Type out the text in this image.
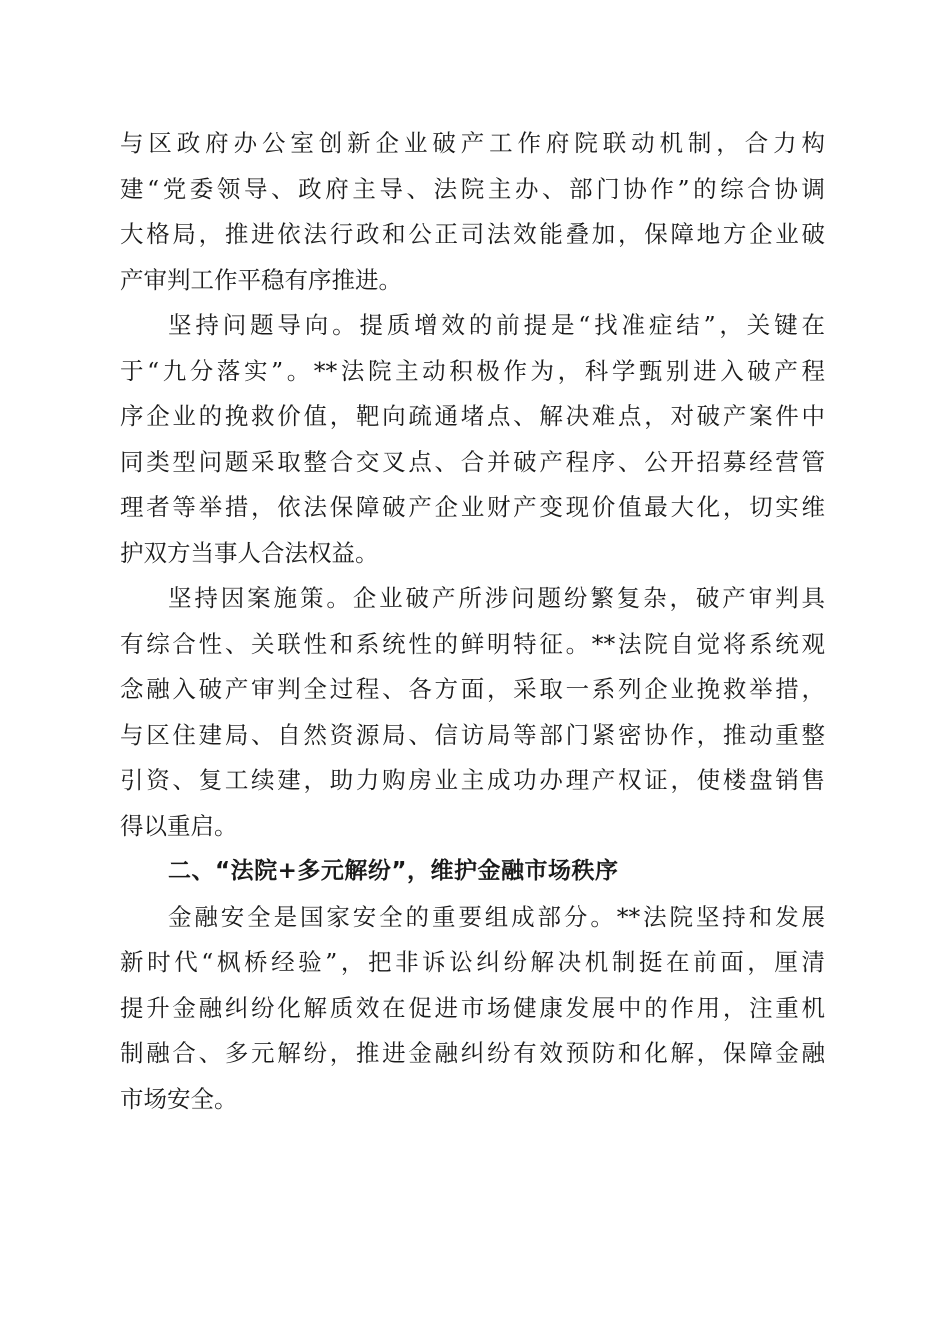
与区政府办公室创新企业破产工作府院联动机制，合力构
建“党委领导、政府主导、法院主办、部门协作”的综合协调
大格局，推进依法行政和公正司法效能叠加，保障地方企业破
产审判工作平稳有序推进。
坚持问题导向。提质增效的前提是“找准症结”，关键在
于“九分落实”。**法院主动积极作为，科学甄别进入破产程
序企业的挽救价值，靶向疏通堵点、解决难点，对破产案件中
同类型问题采取整合交叉点、合并破产程序、公开招募经营管
理者等举措，依法保障破产企业财产变现价值最大化，切实维
护双方当事人合法权益。
坚持因案施策。企业破产所涉问题纷繁复杂，破产审判具
有综合性、关联性和系统性的鲜明特征。**法院自觉将系统观
念融入破产审判全过程、各方面，采取一系列企业挽救举措，
与区住建局、自然资源局、信访局等部门紧密协作，推动重整
引资、复工续建，助力购房业主成功办理产权证，使楼盘销售
得以重启。
二、“法院+多元解纷”，维护金融市场秩序
金融安全是国家安全的重要组成部分。**法院坚持和发展
新时代“枫桥经验”，把非诉讼纠纷解决机制挺在前面，厘清
提升金融纠纷化解质效在促进市场健康发展中的作用，注重机
制融合、多元解纷，推进金融纠纷有效预防和化解，保障金融
市场安全。
